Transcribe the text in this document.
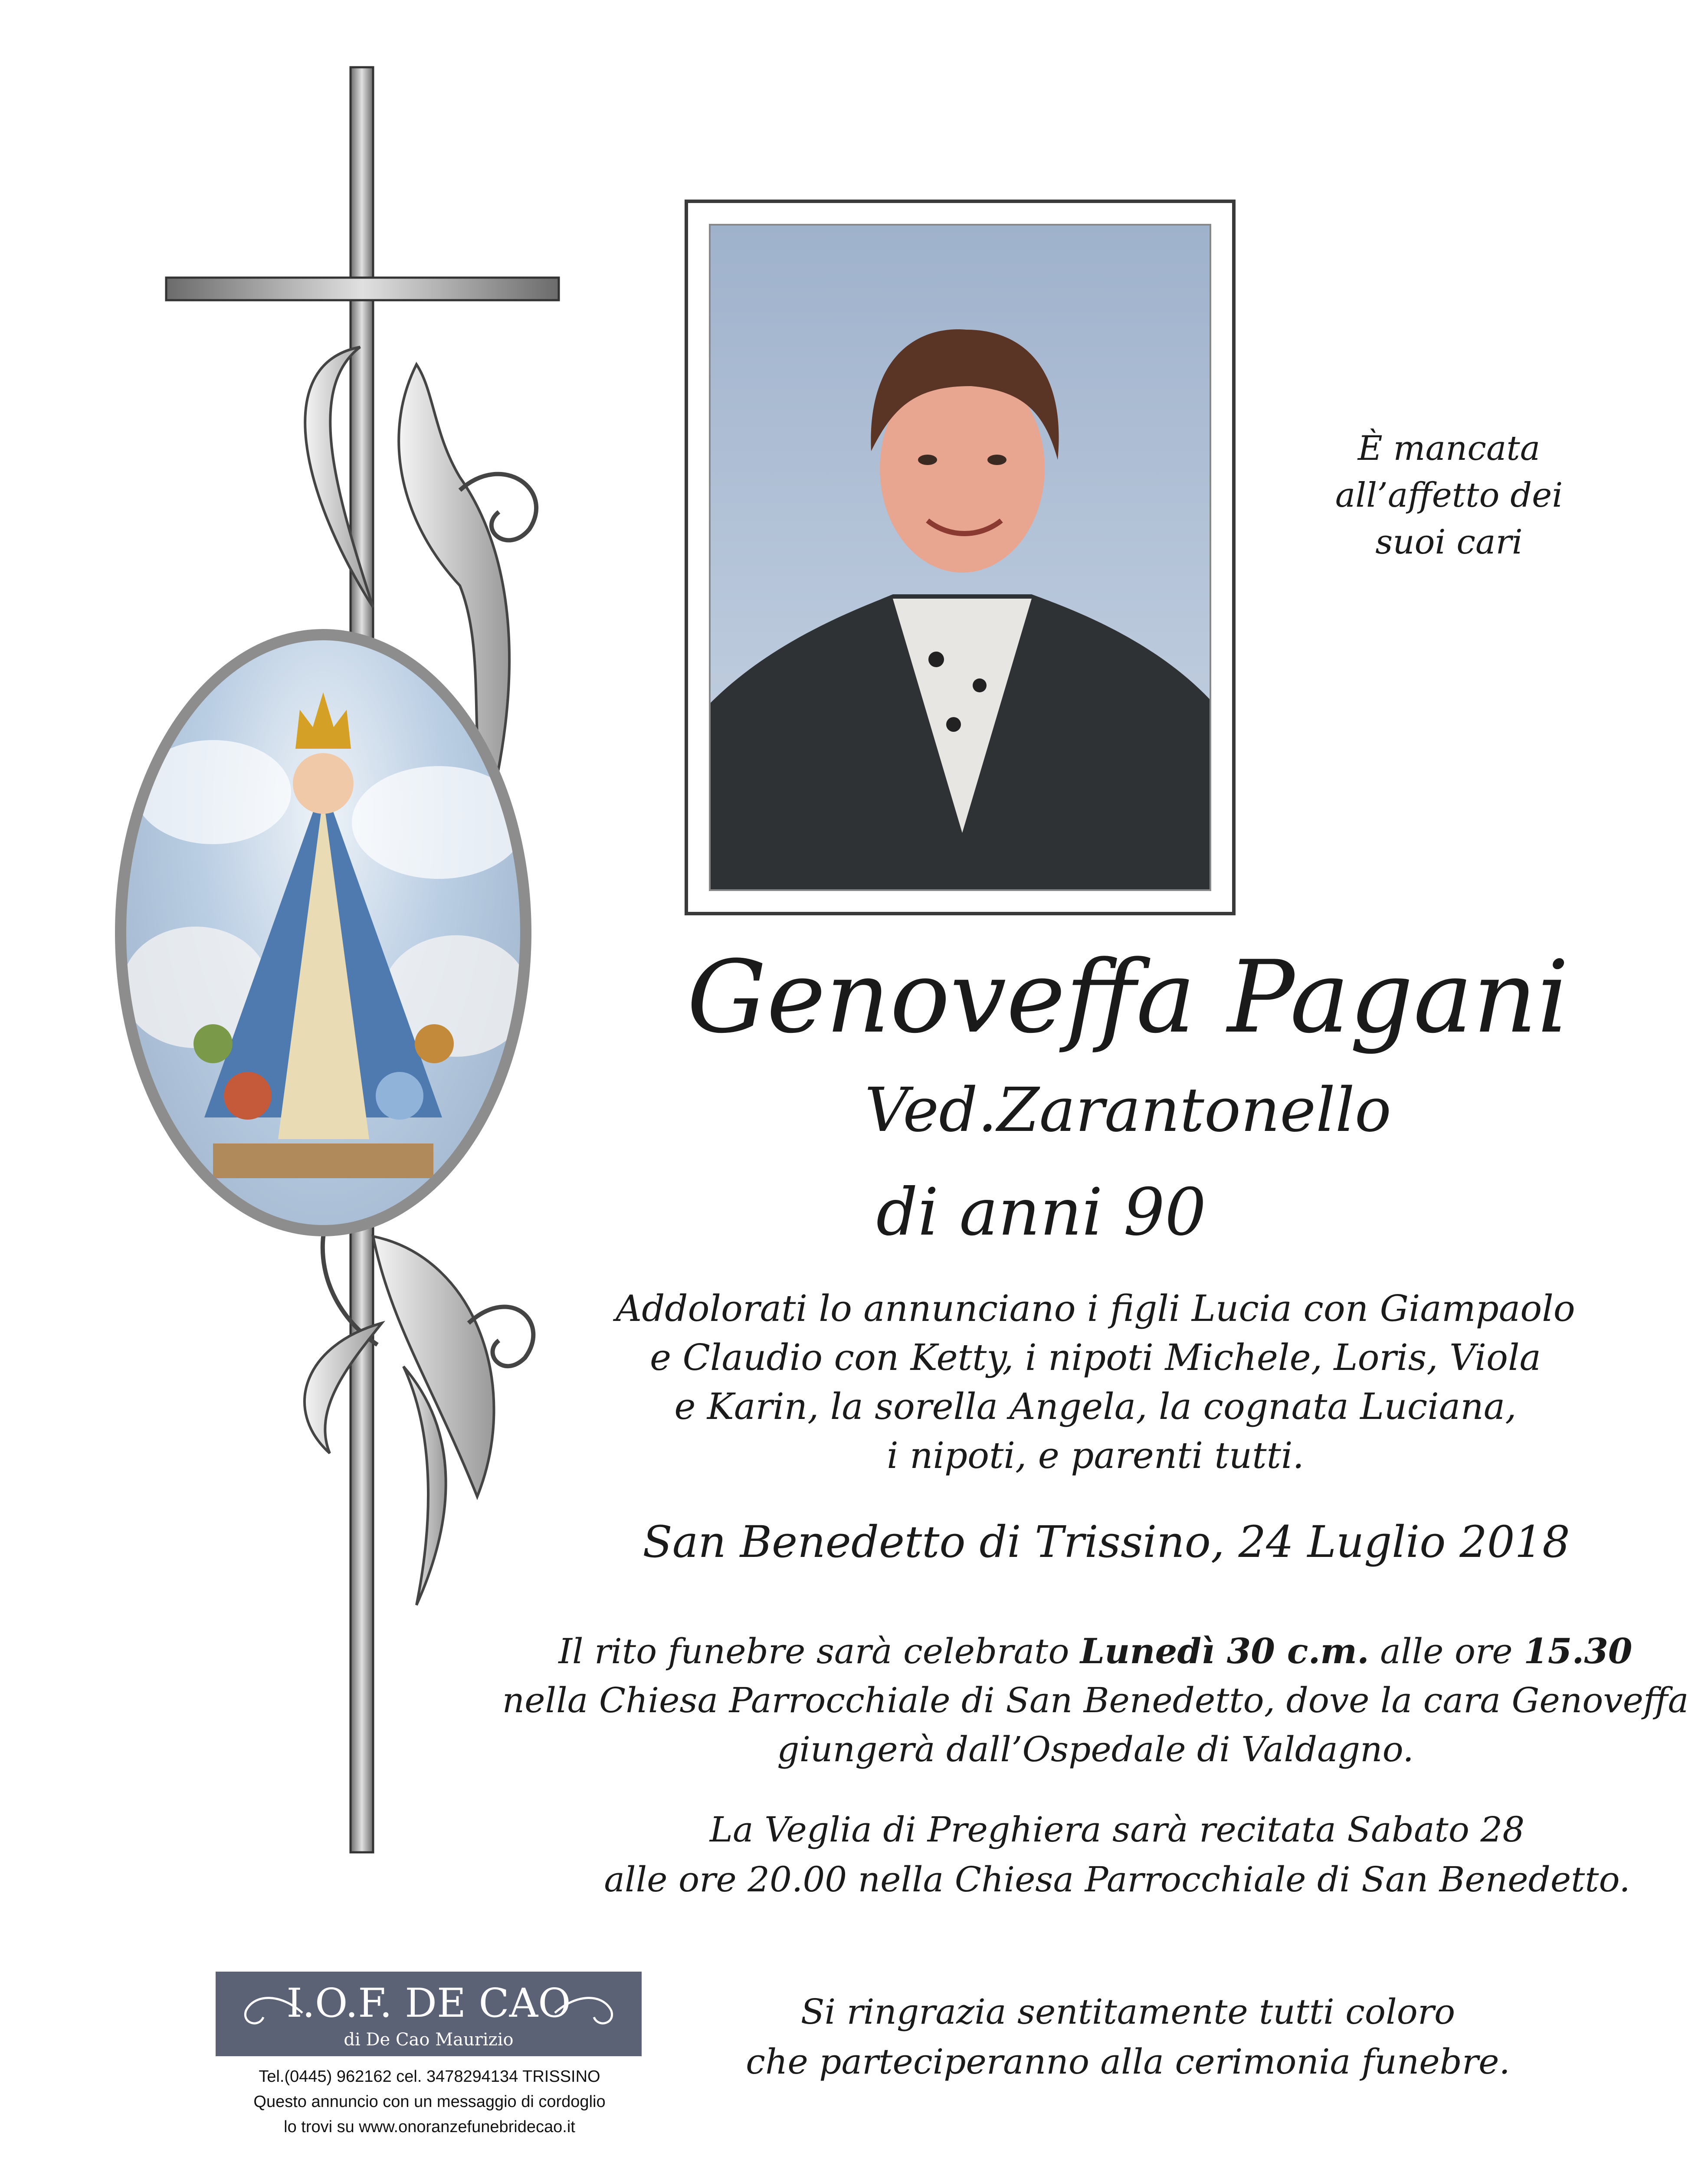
È mancata

all’affetto dei

suoi cari

Genoveffa Pagani
Ved.Zarantonello
di anni 90

Addolorati lo annunciano i figli Lucia con Giampaolo

e Claudio con Ketty, i nipoti Michele, Loris, Viola

e Karin, la sorella Angela, la cognata Luciana,

i nipoti, e parenti tutti.

San Benedetto di Trissino, 24 Luglio 2018

Il rito funebre sarà celebrato Lunedì 30 c.m. alle ore 15.30

nella Chiesa Parrocchiale di San Benedetto, dove la cara Genoveffa

giungerà dall’Ospedale di Valdagno.

La Veglia di Preghiera sarà recitata Sabato 28

alle ore 20.00 nella Chiesa Parrocchiale di San Benedetto.

I.O.F. DE CAO
di De Cao Maurizio

Tel.(0445) 962162 cel. 3478294134 TRISSINO

Questo annuncio con un messaggio di cordoglio

lo trovi su www.onoranzefunebridecao.it

Si ringrazia sentitamente tutti coloro

che parteciperanno alla cerimonia funebre.
